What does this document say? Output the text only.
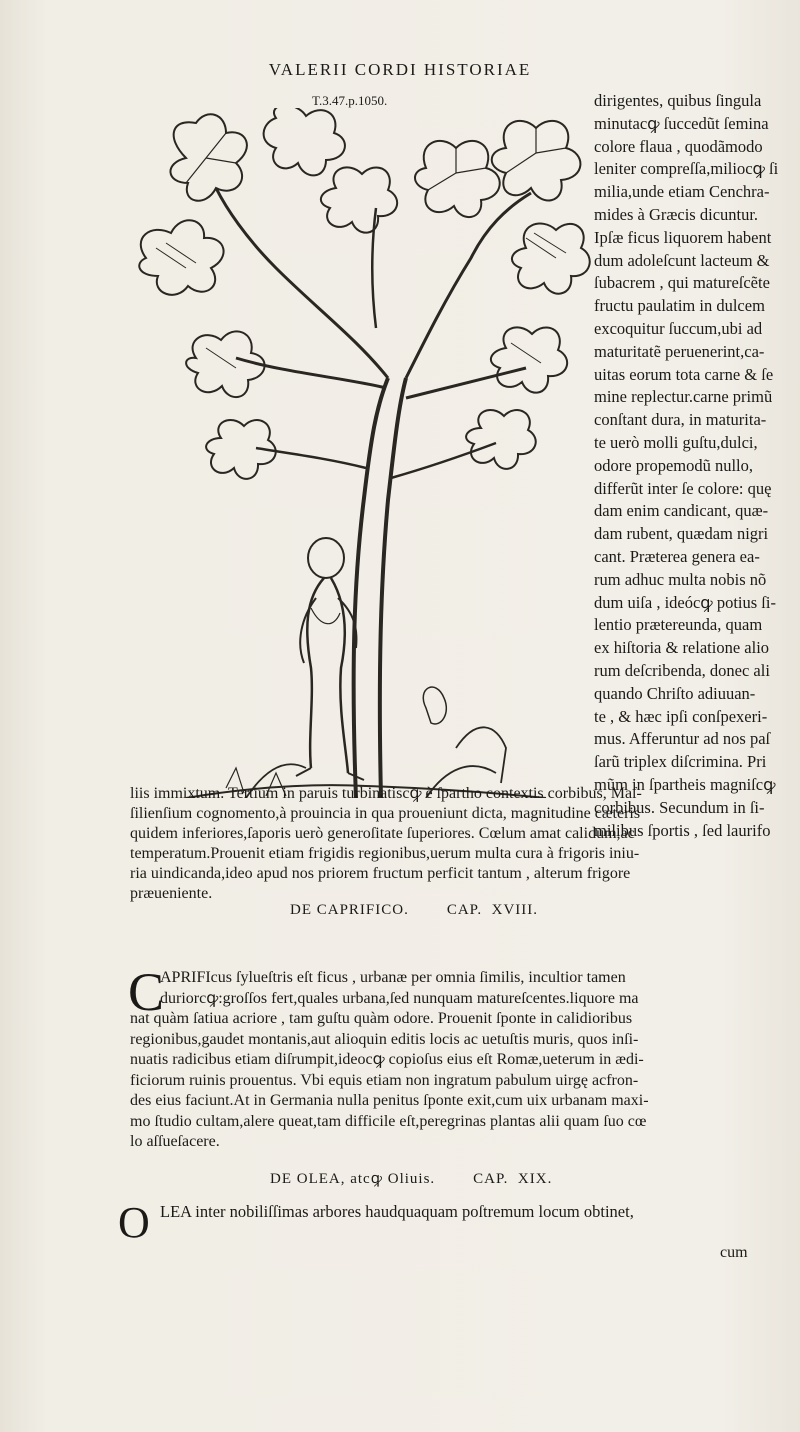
VALERII CORDI HISTORIAE
T.3.47.p.1050.	dirigentes, quibus ſingula
minutacꝙ ſuccedũt ſemina
colore flaua , quodãmodo
leniter compreſſa,miliocꝙ ſi
milia,unde etiam Cenchra-
mides à Græcis dicuntur.
Ipſæ ficus liquorem habent
dum adoleſcunt lacteum &
ſubacrem , qui matureſcẽte
fructu paulatim in dulcem
excoquitur ſuccum,ubi ad
maturitatẽ peruenerint,ca-
uitas eorum tota carne & ſe
mine replectur.carne primũ
conſtant dura, in maturita-
te uerò molli guſtu,dulci,
odore propemodũ nullo,
differũt inter ſe colore: quę
dam enim candicant, quæ-
dam rubent, quædam nigri
cant. Præterea genera ea-
rum adhuc multa nobis nõ
dum uiſa , ideócꝙ potius ſi-
lentio prætereunda, quam
ex hiſtoria & relatione alio
rum deſcribenda, donec ali
quando Chriſto adiuuan-
te , & hæc ipſi conſpexeri-
mus. Afferuntur ad nos paſ
ſarũ triplex diſcrimina. Pri
mũm in ſpartheis magniſcꝙ
corbibus. Secundum in ſi-
milibus ſportis , ſed laurifo
liis immixtum. Tertium in paruis turbinatiscꝙ è ſpartho contextis corbibus, Maſ-
ſilienſium cognomento,à prouincia in qua proueniunt dicta, magnitudine cæteris
quidem inferiores,ſaporis uerò generoſitate ſuperiores. Cœlum amat calidum,ac
temperatum.Prouenit etiam frigidis regionibus,uerum multa cura à frigoris iniu-
ria uindicanda,ideo apud nos priorem fructum perficit tantum , alterum frigore
præueniente.
DE CAPRIFICO.        CAP.  XVIII.
C
APRIFIcus ſylueſtris eſt ficus , urbanæ per omnia ſimilis, incultior tamen
duriorcꝙ:groſſos fert,quales urbana,ſed nunquam matureſcentes.liquore ma
nat quàm ſatiua acriore , tam guſtu quàm odore. Prouenit ſponte in calidioribus
regionibus,gaudet montanis,aut alioquin editis locis ac uetuſtis muris, quos inſi-
nuatis radicibus etiam diſrumpit,ideocꝙ copioſus eius eſt Romæ,ueterum in ædi-
ficiorum ruinis prouentus. Vbi equis etiam non ingratum pabulum uirgę acfron-
des eius faciunt.At in Germania nulla penitus ſponte exit,cum uix urbanam maxi-
mo ſtudio cultam,alere queat,tam difficile eſt,peregrinas plantas alii quam ſuo cœ
lo aſſueſacere.
DE OLEA, atcꝙ Oliuis.        CAP.  XIX.
O LEA inter nobiliſſimas arbores haudquaquam poſtremum locum obtinet,
cum
